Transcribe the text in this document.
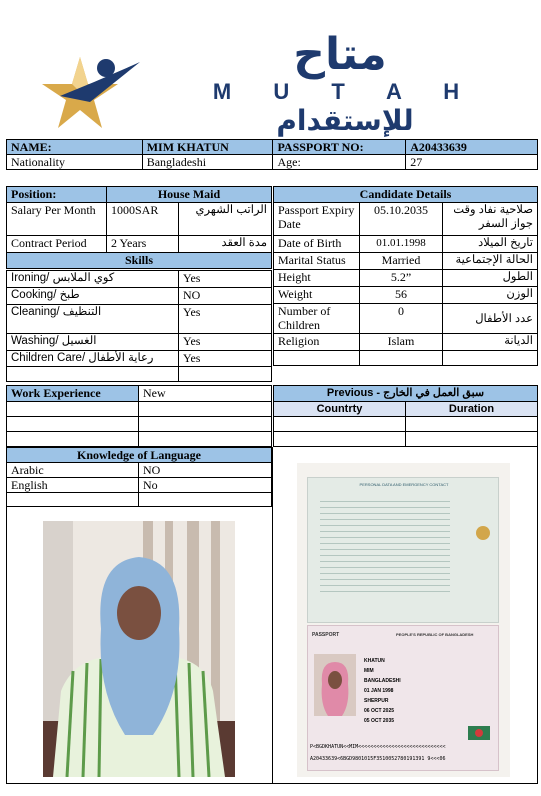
متاح
M U T A H
للإستقدام
NAME:	MIM KHATUN	PASSPORT NO:	A20433639
Nationality	Bangladeshi	Age:	27
Position:	House Maid	
Salary Per Month	1000SAR	الراتب الشهري
Contract Period	2 Years	مدة العقد
Skills		
Ironing/ كوي الملابس	Yes
Cooking/ طبخ	NO
Cleaning/ التنظيف	Yes
Washing/ الغسيل	Yes
Children Care/ رعاية الأطفال	Yes

Candidate Details		
Passport Expiry Date	05.10.2035	صلاحية نفاد وقت جواز السفر
Date of Birth	01.01.1998	تاريخ الميلاد
Marital Status	Married	الحالة الإجتماعية
Height	5.2”	الطول
Weight	56	الوزن
Number of Children	0	عدد الأطفال
Religion	Islam	الديانة

Work Experience	New

		Previous - سبق العمل في الخارج	
Countrty	Duration

Knowledge of Language	
Arabic	NO
English	No
		PERSONAL DATA AND EMERGENCY CONTACT
PASSPORT	PEOPLE'S REPUBLIC OF BANGLADESH
KHATUN
MIM
BANGLADESHI
01 JAN 1998
SHERPUR
06 OCT 2025
05 OCT 2035
P<BGDKHATUN<<MIM<<<<<<<<<<<<<<<<<<<<<<<<<<<<<
A20433639<6BGD9801015F3510052780191391 9<<<06
